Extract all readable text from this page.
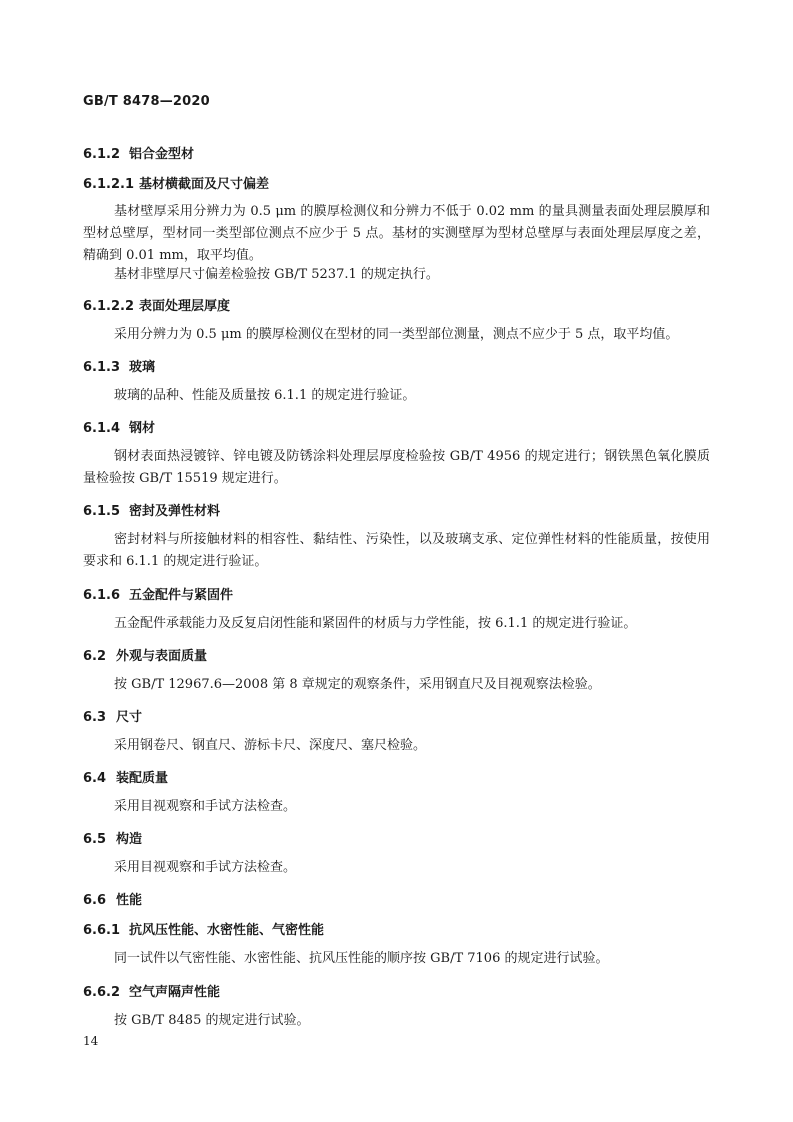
GB/T 8478—2020
6.1.2 铝合金型材
6.1.2.1 基材横截面及尺寸偏差
基材壁厚采用分辨力为 0.5 μm 的膜厚检测仪和分辨力不低于 0.02 mm 的量具测量表面处理层膜厚和型材总壁厚，型材同一类型部位测点不应少于 5 点。基材的实测壁厚为型材总壁厚与表面处理层厚度之差，精确到 0.01 mm，取平均值。
基材非壁厚尺寸偏差检验按 GB/T 5237.1 的规定执行。
6.1.2.2 表面处理层厚度
采用分辨力为 0.5 μm 的膜厚检测仪在型材的同一类型部位测量，测点不应少于 5 点，取平均值。
6.1.3 玻璃
玻璃的品种、性能及质量按 6.1.1 的规定进行验证。
6.1.4 钢材
钢材表面热浸镀锌、锌电镀及防锈涂料处理层厚度检验按 GB/T 4956 的规定进行；钢铁黑色氧化膜质量检验按 GB/T 15519 规定进行。
6.1.5 密封及弹性材料
密封材料与所接触材料的相容性、黏结性、污染性，以及玻璃支承、定位弹性材料的性能质量，按使用要求和 6.1.1 的规定进行验证。
6.1.6 五金配件与紧固件
五金配件承载能力及反复启闭性能和紧固件的材质与力学性能，按 6.1.1 的规定进行验证。
6.2 外观与表面质量
按 GB/T 12967.6—2008 第 8 章规定的观察条件，采用钢直尺及目视观察法检验。
6.3 尺寸
采用钢卷尺、钢直尺、游标卡尺、深度尺、塞尺检验。
6.4 装配质量
采用目视观察和手试方法检查。
6.5 构造
采用目视观察和手试方法检查。
6.6 性能
6.6.1 抗风压性能、水密性能、气密性能
同一试件以气密性能、水密性能、抗风压性能的顺序按 GB/T 7106 的规定进行试验。
6.6.2 空气声隔声性能
按 GB/T 8485 的规定进行试验。
14
